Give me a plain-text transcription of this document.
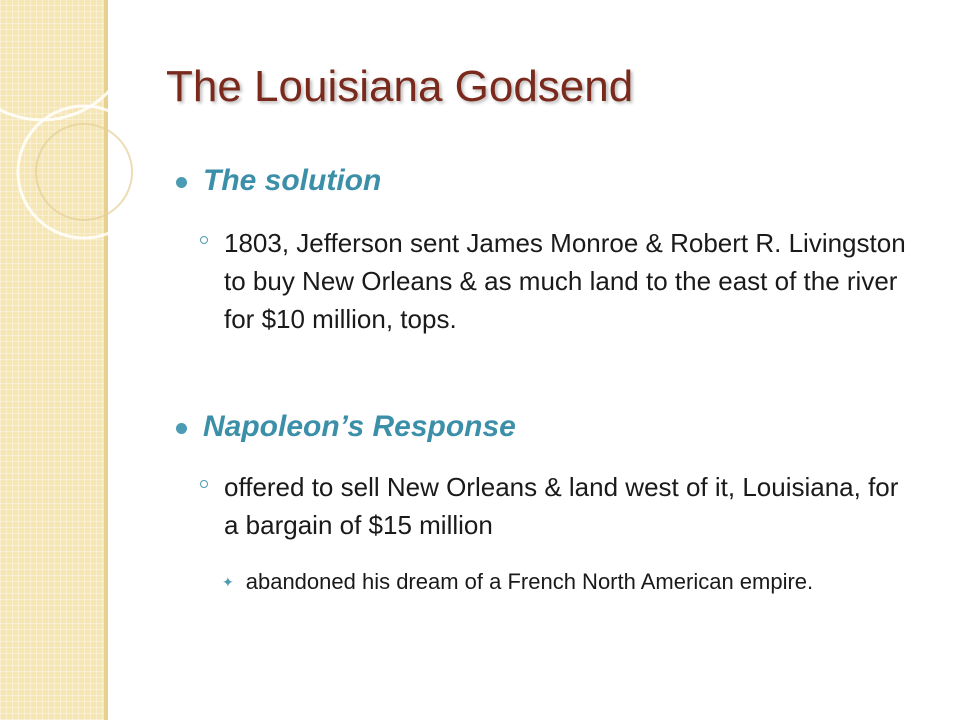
The Louisiana Godsend
The solution
1803, Jefferson sent James Monroe & Robert R. Livingston to buy New Orleans & as much land to the east of the river for $10 million, tops.
Napoleon’s Response
offered to sell New Orleans & land west of it, Louisiana, for a bargain of $15 million
✦ abandoned his dream of a French North American empire.
